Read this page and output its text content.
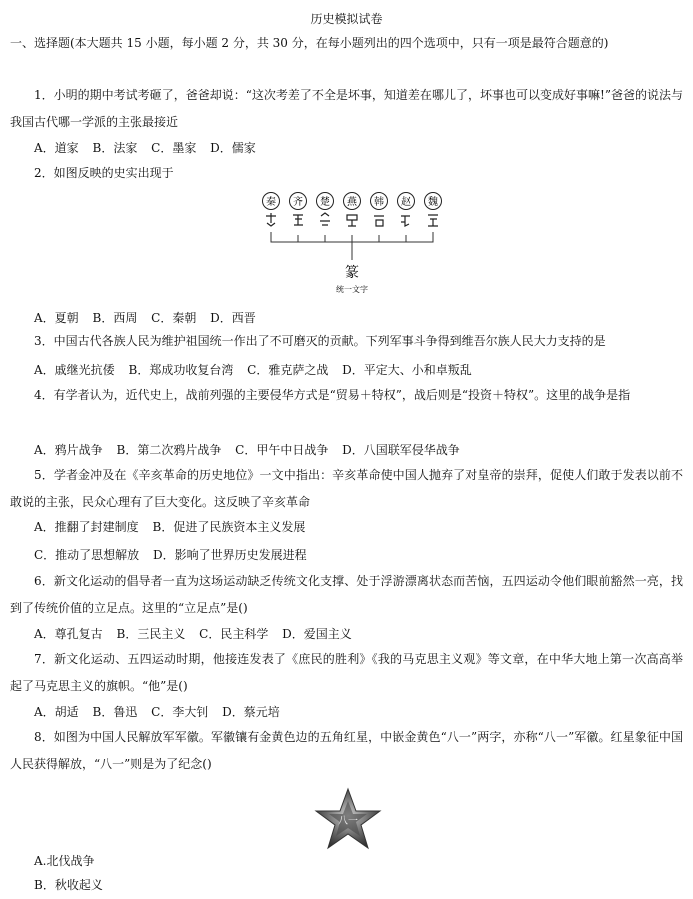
历史模拟试卷
一、选择题(本大题共 15 小题，每小题 2 分，共 30 分，在每小题列出的四个选项中，只有一项是最符合题意的)
1．小明的期中考试考砸了，爸爸却说：“这次考差了不全是坏事，知道差在哪儿了，坏事也可以变成好事嘛!”爸爸的说法与我国古代哪一学派的主张最接近
A．道家 B．法家 C．墨家 D．儒家
2．如图反映的史实出现于
秦 齐 楚 燕 韩 赵 魏
篆
统一文字
A．夏朝 B．西周 C．秦朝 D．西晋
3．中国古代各族人民为维护祖国统一作出了不可磨灭的贡献。下列军事斗争得到维吾尔族人民大力支持的是
A．戚继光抗倭 B．郑成功收复台湾 C．雅克萨之战 D．平定大、小和卓叛乱
4．有学者认为，近代史上，战前列强的主要侵华方式是“贸易＋特权”，战后则是“投资＋特权”。这里的战争是指
A．鸦片战争 B．第二次鸦片战争 C．甲午中日战争 D．八国联军侵华战争
5．学者金冲及在《辛亥革命的历史地位》一文中指出：辛亥革命使中国人抛弃了对皇帝的崇拜，促使人们敢于发表以前不敢说的主张，民众心理有了巨大变化。这反映了辛亥革命
A．推翻了封建制度 B．促进了民族资本主义发展
C．推动了思想解放 D．影响了世界历史发展进程
6．新文化运动的倡导者一直为这场运动缺乏传统文化支撑、处于浮游漂离状态而苦恼，五四运动令他们眼前豁然一亮，找到了传统价值的立足点。这里的“立足点”是()
A．尊孔复古 B．三民主义 C．民主科学 D．爱国主义
7．新文化运动、五四运动时期，他接连发表了《庶民的胜利》《我的马克思主义观》等文章，在中华大地上第一次高高举起了马克思主义的旗帜。“他”是()
A．胡适 B．鲁迅 C．李大钊 D．蔡元培
8．如图为中国人民解放军军徽。军徽镶有金黄色边的五角红星，中嵌金黄色“八一”两字，亦称“八一”军徽。红星象征中国人民获得解放，“八一”则是为了纪念()
八一
A.北伐战争
B．秋收起义
